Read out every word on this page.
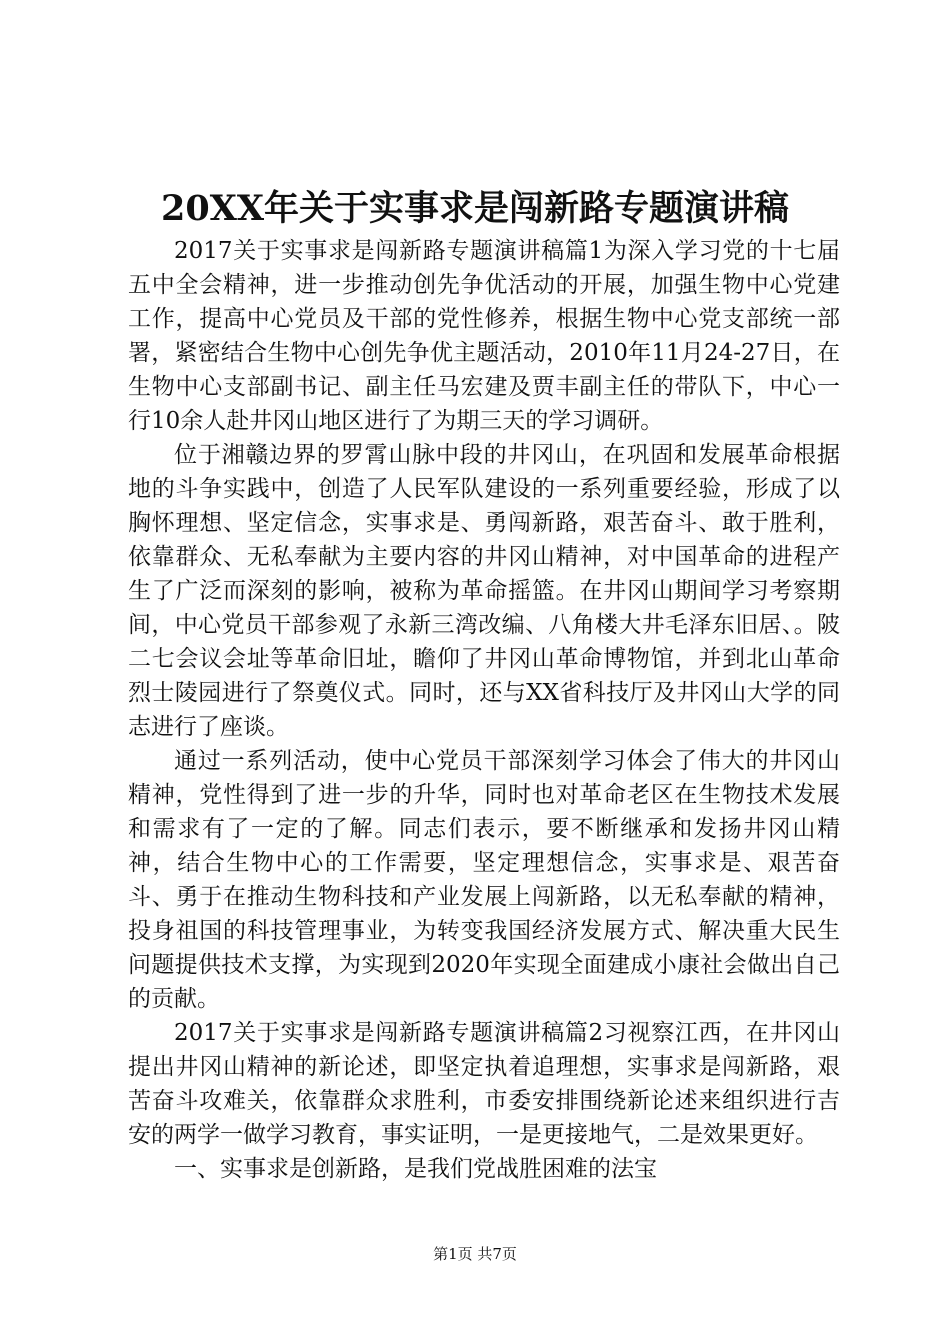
20XX年关于实事求是闯新路专题演讲稿

2017关于实事求是闯新路专题演讲稿篇1为深入学习党的十七届五中全会精神，进一步推动创先争优活动的开展，加强生物中心党建工作，提高中心党员及干部的党性修养，根据生物中心党支部统一部署，紧密结合生物中心创先争优主题活动，2010年11月24-27日，在生物中心支部副书记、副主任马宏建及贾丰副主任的带队下，中心一行10余人赴井冈山地区进行了为期三天的学习调研。

位于湘赣边界的罗霄山脉中段的井冈山，在巩固和发展革命根据地的斗争实践中，创造了人民军队建设的一系列重要经验，形成了以胸怀理想、坚定信念，实事求是、勇闯新路，艰苦奋斗、敢于胜利，依靠群众、无私奉献为主要内容的井冈山精神，对中国革命的进程产生了广泛而深刻的影响，被称为革命摇篮。在井冈山期间学习考察期间，中心党员干部参观了永新三湾改编、八角楼大井毛泽东旧居、。陂二七会议会址等革命旧址，瞻仰了井冈山革命博物馆，并到北山革命烈士陵园进行了祭奠仪式。同时，还与XX省科技厅及井冈山大学的同志进行了座谈。

通过一系列活动，使中心党员干部深刻学习体会了伟大的井冈山精神，党性得到了进一步的升华，同时也对革命老区在生物技术发展和需求有了一定的了解。同志们表示，要不断继承和发扬井冈山精神，结合生物中心的工作需要，坚定理想信念，实事求是、艰苦奋斗、勇于在推动生物科技和产业发展上闯新路，以无私奉献的精神，投身祖国的科技管理事业，为转变我国经济发展方式、解决重大民生问题提供技术支撑，为实现到2020年实现全面建成小康社会做出自己的贡献。

2017关于实事求是闯新路专题演讲稿篇2习视察江西，在井冈山提出井冈山精神的新论述，即坚定执着追理想，实事求是闯新路，艰苦奋斗攻难关，依靠群众求胜利，市委安排围绕新论述来组织进行吉安的两学一做学习教育，事实证明，一是更接地气，二是效果更好。

一、实事求是创新路，是我们党战胜困难的法宝

第1页 共7页
